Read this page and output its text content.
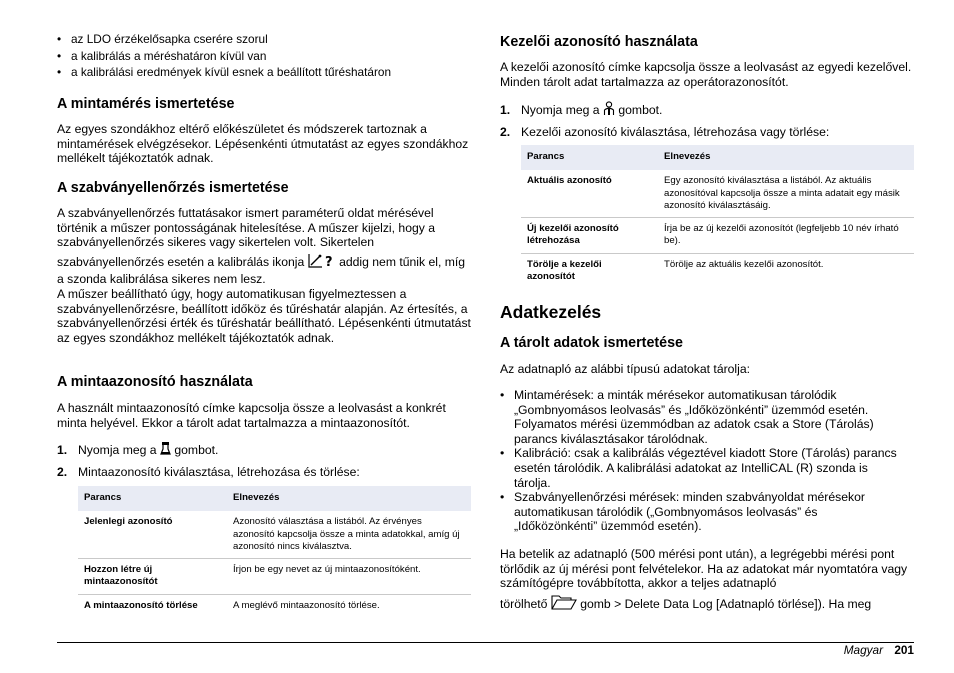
• az LDO érzékelősapka cserére szorul
• a kalibrálás a méréshatáron kívül van
• a kalibrálási eredmények kívül esnek a beállított tűréshatáron
A mintamérés ismertetése

Az egyes szondákhoz eltérő előkészületet és módszerek tartoznak a mintamérések elvégzésekor. Lépésenkénti útmutatást az egyes szondákhoz mellékelt tájékoztatók adnak.

A szabványellenőrzés ismertetése

A szabványellenőrzés futtatásakor ismert paraméterű oldat mérésével történik a műszer pontosságának hitelesítése. A műszer kijelzi, hogy a szabványellenőrzés sikeres vagy sikertelen volt. Sikertelen

szabványellenőrzés esetén a kalibrálás ikonja ? addig nem tűnik el, míg a szonda kalibrálása sikeres nem lesz.

A műszer beállítható úgy, hogy automatikusan figyelmeztessen a szabványellenőrzésre, beállított időköz és tűréshatár alapján. Az értesítés, a szabványellenőrzési érték és tűréshatár beállítható. Lépésenkénti útmutatást az egyes szondákhoz mellékelt tájékoztatók adnak.

A mintaazonosító használata

A használt mintaazonosító címke kapcsolja össze a leolvasást a konkrét minta helyével. Ekkor a tárolt adat tartalmazza a mintaazonosítót.

1. Nyomja meg a gombot.
2. Mintaazonosító kiválasztása, létrehozása és törlése:
Parancs	Elnevezés
Jelenlegi azonosító	Azonosító választása a listából. Az érvényes azonosító kapcsolja össze a minta adatokkal, amíg új azonosító nincs kiválasztva.
Hozzon létre új mintaazonosítót	Írjon be egy nevet az új mintaazonosítóként.
A mintaazonosító törlése	A meglévő mintaazonosító törlése.
Kezelői azonosító használata

A kezelői azonosító címke kapcsolja össze a leolvasást az egyedi kezelővel. Minden tárolt adat tartalmazza az operátorazonosítót.

1. Nyomja meg a gombot.
2. Kezelői azonosító kiválasztása, létrehozása vagy törlése:
Parancs	Elnevezés
Aktuális azonosító	Egy azonosító kiválasztása a listából. Az aktuális azonosítóval kapcsolja össze a minta adatait egy másik azonosító kiválasztásáig.
Új kezelői azonosító létrehozása	Írja be az új kezelői azonosítót (legfeljebb 10 név írható be).
Törölje a kezelői azonosítót	Törölje az aktuális kezelői azonosítót.
Adatkezelés
A tárolt adatok ismertetése

Az adatnapló az alábbi típusú adatokat tárolja:

• Mintamérések: a minták mérésekor automatikusan tárolódik „Gombnyomásos leolvasás” és „Időközönkénti” üzemmód esetén. Folyamatos mérési üzemmódban az adatok csak a Store (Tárolás) parancs kiválasztásakor tárolódnak.
• Kalibráció: csak a kalibrálás végeztével kiadott Store (Tárolás) parancs esetén tárolódik. A kalibrálási adatokat az IntelliCAL (R) szonda is tárolja.
• Szabványellenőrzési mérések: minden szabványoldat mérésekor automatikusan tárolódik („Gombnyomásos leolvasás” és „Időközönkénti” üzemmód esetén).

Ha betelik az adatnapló (500 mérési pont után), a legrégebbi mérési pont törlődik az új mérési pont felvételekor. Ha az adatokat már nyomtatóra vagy számítógépre továbbította, akkor a teljes adatnapló

törölhető	gomb > Delete Data Log [Adatnapló törlése]). Ha meg

Magyar 201
